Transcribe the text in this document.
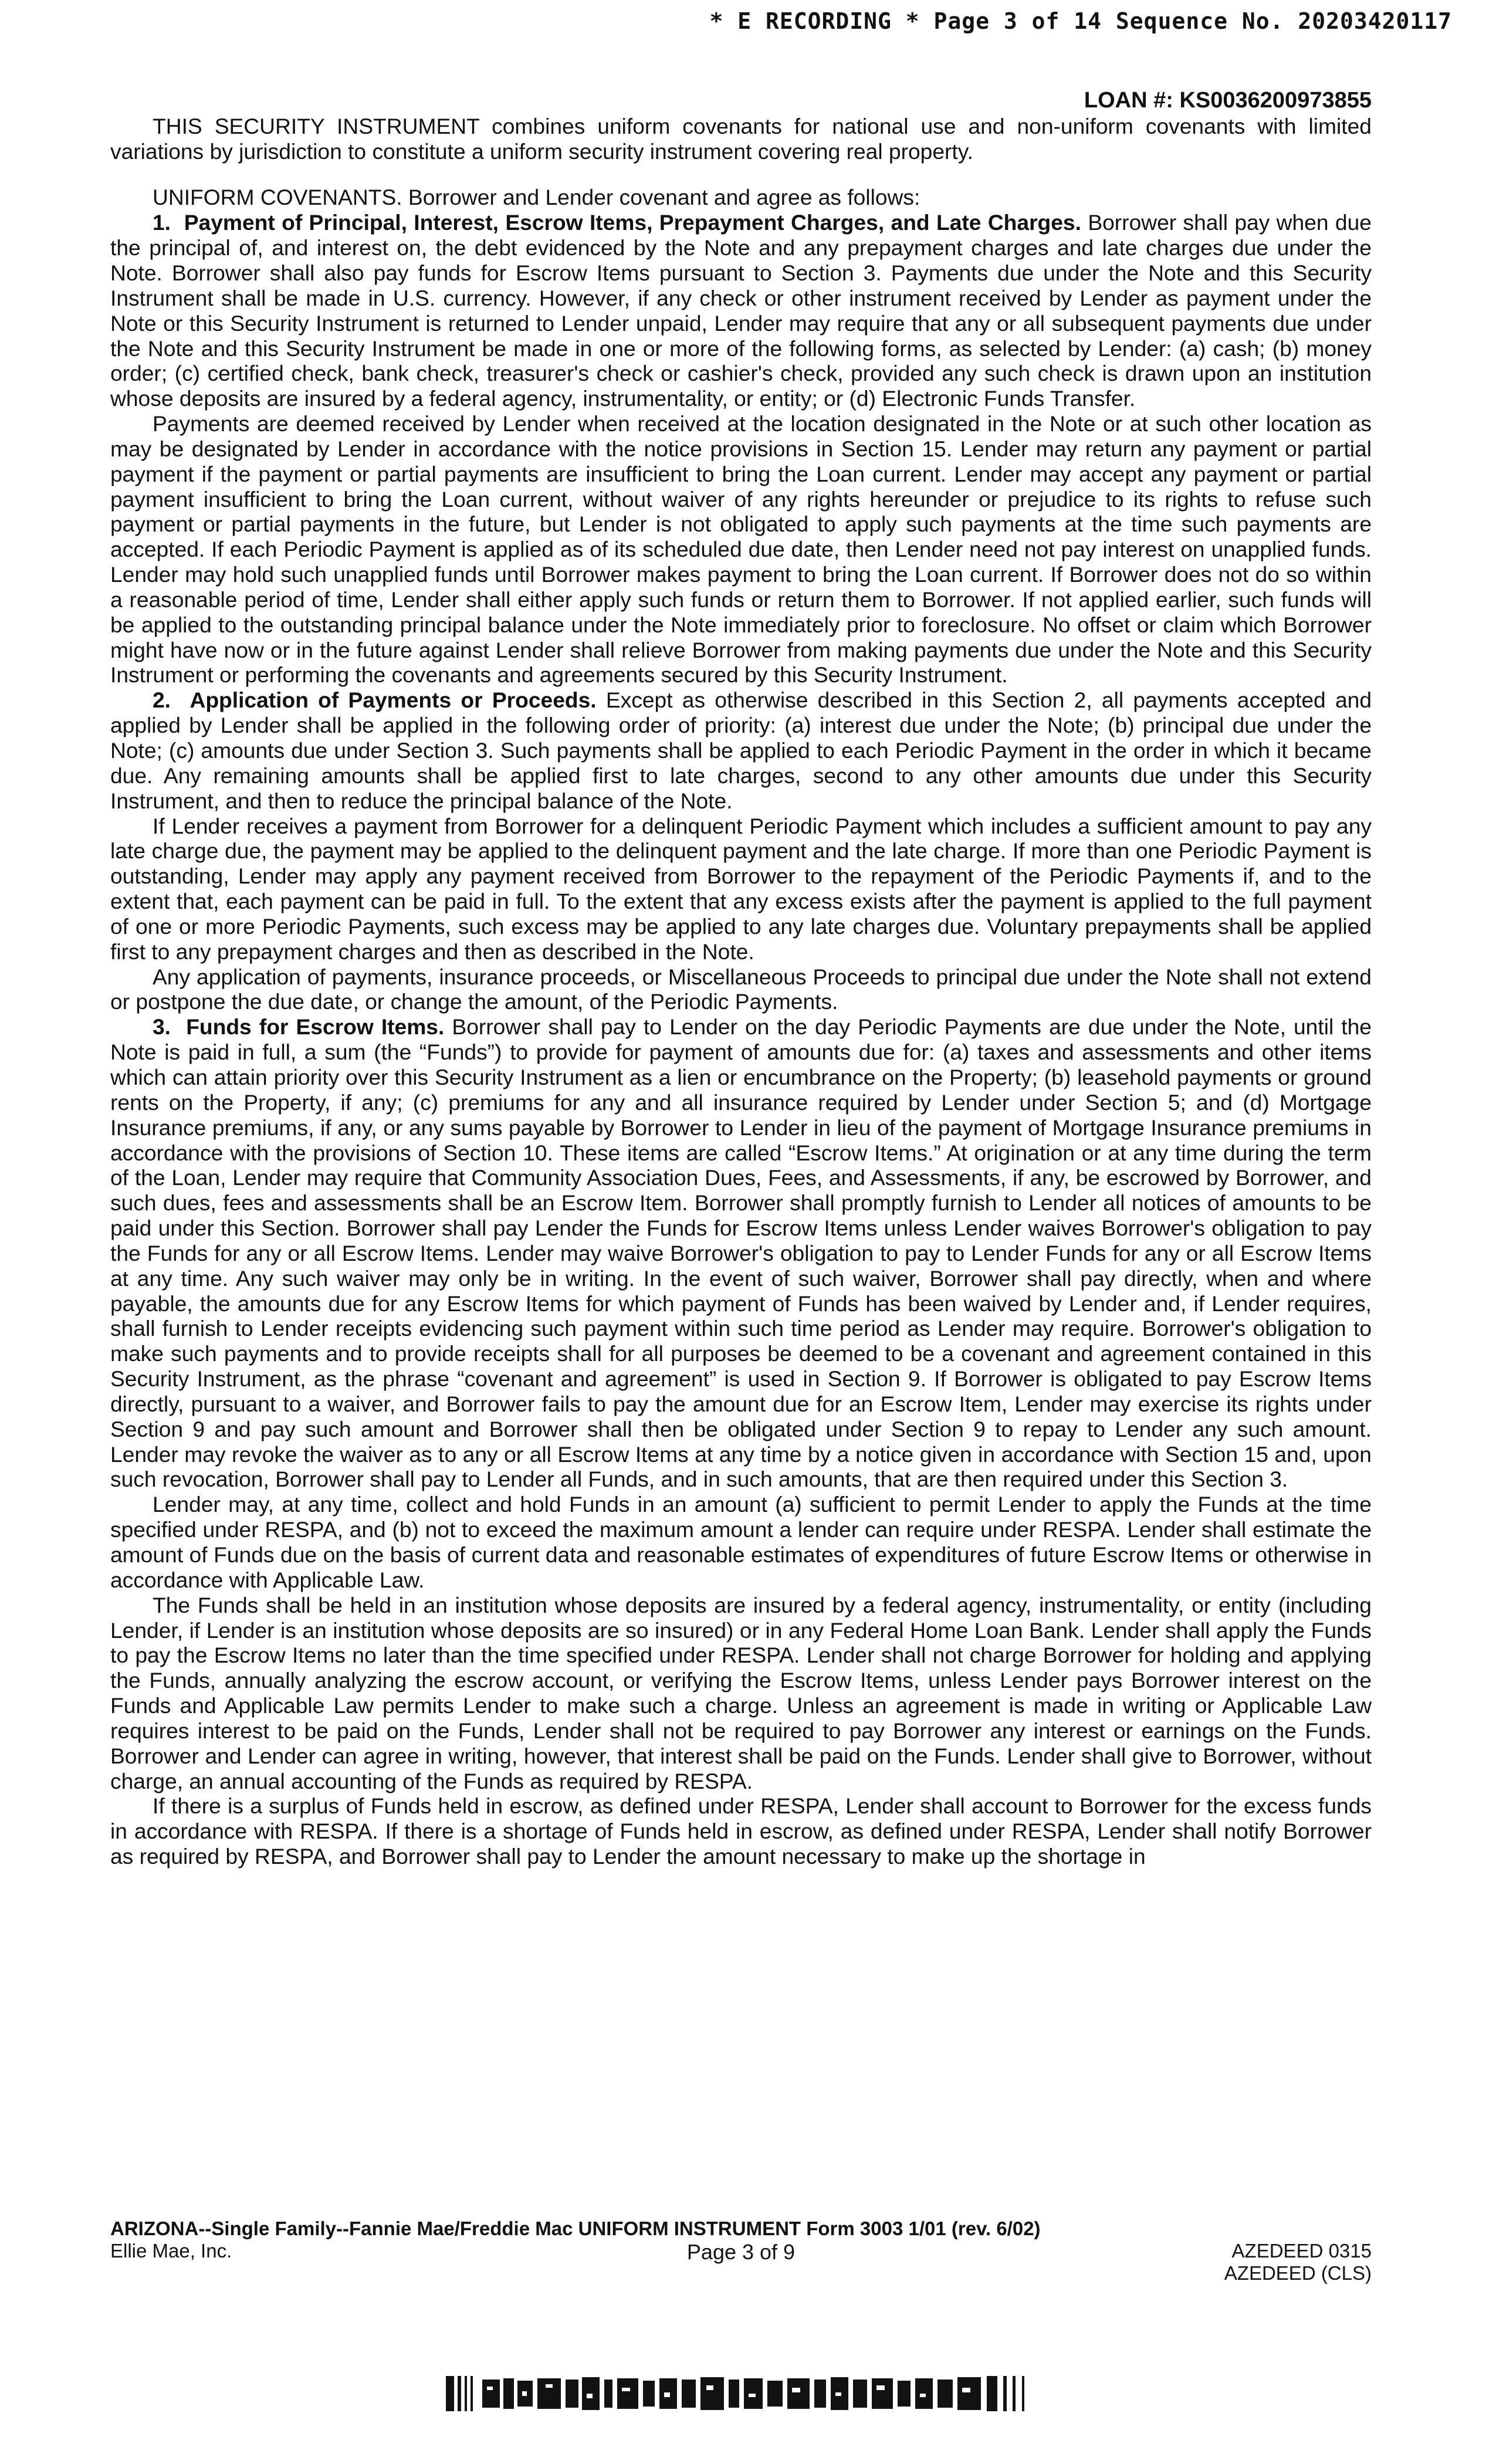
* E RECORDING * Page 3 of 14 Sequence No. 20203420117

LOAN #: KS0036200973855

THIS SECURITY INSTRUMENT combines uniform covenants for national use and non-uniform covenants with limited variations by jurisdiction to constitute a uniform security instrument covering real property.

UNIFORM COVENANTS. Borrower and Lender covenant and agree as follows:

1. Payment of Principal, Interest, Escrow Items, Prepayment Charges, and Late Charges. Borrower shall pay when due the principal of, and interest on, the debt evidenced by the Note and any prepayment charges and late charges due under the Note. Borrower shall also pay funds for Escrow Items pursuant to Section 3. Payments due under the Note and this Security Instrument shall be made in U.S. currency. However, if any check or other instrument received by Lender as payment under the Note or this Security Instrument is returned to Lender unpaid, Lender may require that any or all subsequent payments due under the Note and this Security Instrument be made in one or more of the following forms, as selected by Lender: (a) cash; (b) money order; (c) certified check, bank check, treasurer's check or cashier's check, provided any such check is drawn upon an institution whose deposits are insured by a federal agency, instrumentality, or entity; or (d) Electronic Funds Transfer.

Payments are deemed received by Lender when received at the location designated in the Note or at such other location as may be designated by Lender in accordance with the notice provisions in Section 15. Lender may return any payment or partial payment if the payment or partial payments are insufficient to bring the Loan current. Lender may accept any payment or partial payment insufficient to bring the Loan current, without waiver of any rights hereunder or prejudice to its rights to refuse such payment or partial payments in the future, but Lender is not obligated to apply such payments at the time such payments are accepted. If each Periodic Payment is applied as of its scheduled due date, then Lender need not pay interest on unapplied funds. Lender may hold such unapplied funds until Borrower makes payment to bring the Loan current. If Borrower does not do so within a reasonable period of time, Lender shall either apply such funds or return them to Borrower. If not applied earlier, such funds will be applied to the outstanding principal balance under the Note immediately prior to foreclosure. No offset or claim which Borrower might have now or in the future against Lender shall relieve Borrower from making payments due under the Note and this Security Instrument or performing the covenants and agreements secured by this Security Instrument.

2. Application of Payments or Proceeds. Except as otherwise described in this Section 2, all payments accepted and applied by Lender shall be applied in the following order of priority: (a) interest due under the Note; (b) principal due under the Note; (c) amounts due under Section 3. Such payments shall be applied to each Periodic Payment in the order in which it became due. Any remaining amounts shall be applied first to late charges, second to any other amounts due under this Security Instrument, and then to reduce the principal balance of the Note.

If Lender receives a payment from Borrower for a delinquent Periodic Payment which includes a sufficient amount to pay any late charge due, the payment may be applied to the delinquent payment and the late charge. If more than one Periodic Payment is outstanding, Lender may apply any payment received from Borrower to the repayment of the Periodic Payments if, and to the extent that, each payment can be paid in full. To the extent that any excess exists after the payment is applied to the full payment of one or more Periodic Payments, such excess may be applied to any late charges due. Voluntary prepayments shall be applied first to any prepayment charges and then as described in the Note.

Any application of payments, insurance proceeds, or Miscellaneous Proceeds to principal due under the Note shall not extend or postpone the due date, or change the amount, of the Periodic Payments.

3. Funds for Escrow Items. Borrower shall pay to Lender on the day Periodic Payments are due under the Note, until the Note is paid in full, a sum (the “Funds”) to provide for payment of amounts due for: (a) taxes and assessments and other items which can attain priority over this Security Instrument as a lien or encumbrance on the Property; (b) leasehold payments or ground rents on the Property, if any; (c) premiums for any and all insurance required by Lender under Section 5; and (d) Mortgage Insurance premiums, if any, or any sums payable by Borrower to Lender in lieu of the payment of Mortgage Insurance premiums in accordance with the provisions of Section 10. These items are called “Escrow Items.” At origination or at any time during the term of the Loan, Lender may require that Community Association Dues, Fees, and Assessments, if any, be escrowed by Borrower, and such dues, fees and assessments shall be an Escrow Item. Borrower shall promptly furnish to Lender all notices of amounts to be paid under this Section. Borrower shall pay Lender the Funds for Escrow Items unless Lender waives Borrower's obligation to pay the Funds for any or all Escrow Items. Lender may waive Borrower's obligation to pay to Lender Funds for any or all Escrow Items at any time. Any such waiver may only be in writing. In the event of such waiver, Borrower shall pay directly, when and where payable, the amounts due for any Escrow Items for which payment of Funds has been waived by Lender and, if Lender requires, shall furnish to Lender receipts evidencing such payment within such time period as Lender may require. Borrower's obligation to make such payments and to provide receipts shall for all purposes be deemed to be a covenant and agreement contained in this Security Instrument, as the phrase “covenant and agreement” is used in Section 9. If Borrower is obligated to pay Escrow Items directly, pursuant to a waiver, and Borrower fails to pay the amount due for an Escrow Item, Lender may exercise its rights under Section 9 and pay such amount and Borrower shall then be obligated under Section 9 to repay to Lender any such amount. Lender may revoke the waiver as to any or all Escrow Items at any time by a notice given in accordance with Section 15 and, upon such revocation, Borrower shall pay to Lender all Funds, and in such amounts, that are then required under this Section 3.

Lender may, at any time, collect and hold Funds in an amount (a) sufficient to permit Lender to apply the Funds at the time specified under RESPA, and (b) not to exceed the maximum amount a lender can require under RESPA. Lender shall estimate the amount of Funds due on the basis of current data and reasonable estimates of expenditures of future Escrow Items or otherwise in accordance with Applicable Law.

The Funds shall be held in an institution whose deposits are insured by a federal agency, instrumentality, or entity (including Lender, if Lender is an institution whose deposits are so insured) or in any Federal Home Loan Bank. Lender shall apply the Funds to pay the Escrow Items no later than the time specified under RESPA. Lender shall not charge Borrower for holding and applying the Funds, annually analyzing the escrow account, or verifying the Escrow Items, unless Lender pays Borrower interest on the Funds and Applicable Law permits Lender to make such a charge. Unless an agreement is made in writing or Applicable Law requires interest to be paid on the Funds, Lender shall not be required to pay Borrower any interest or earnings on the Funds. Borrower and Lender can agree in writing, however, that interest shall be paid on the Funds. Lender shall give to Borrower, without charge, an annual accounting of the Funds as required by RESPA.

If there is a surplus of Funds held in escrow, as defined under RESPA, Lender shall account to Borrower for the excess funds in accordance with RESPA. If there is a shortage of Funds held in escrow, as defined under RESPA, Lender shall notify Borrower as required by RESPA, and Borrower shall pay to Lender the amount necessary to make up the shortage in

ARIZONA--Single Family--Fannie Mae/Freddie Mac UNIFORM INSTRUMENT Form 3003 1/01 (rev. 6/02)
Ellie Mae, Inc.	Page 3 of 9	AZEDEED 0315
AZEDEED (CLS)
